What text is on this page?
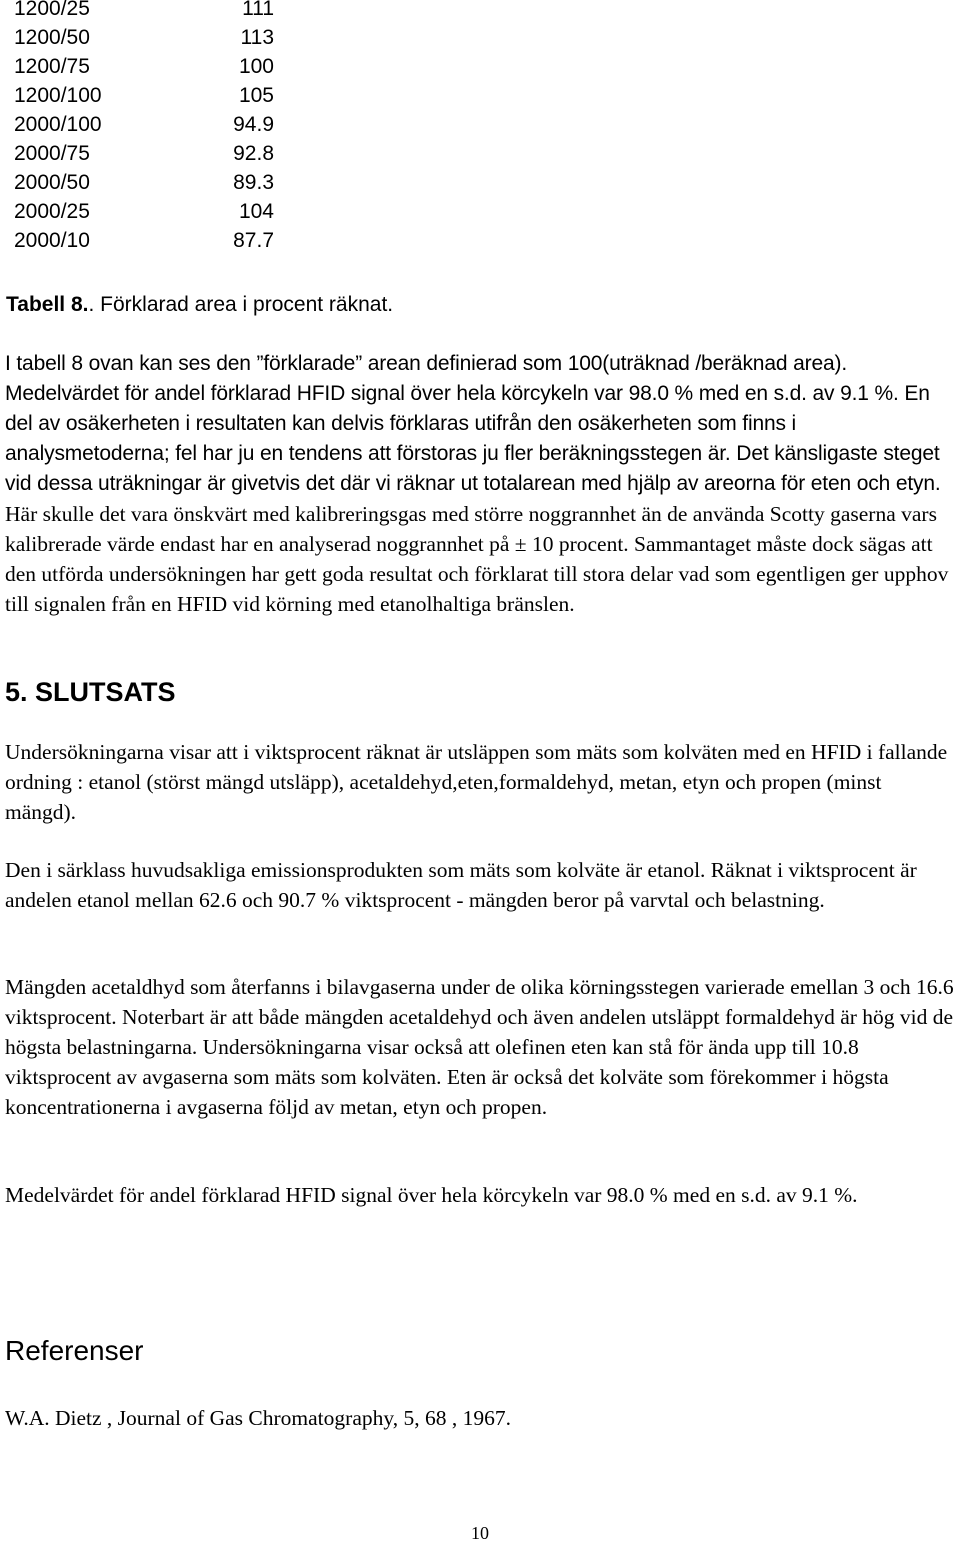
1200/25	111
1200/50	113
1200/75	100
1200/100	105
2000/100	94.9
2000/75	92.8
2000/50	89.3
2000/25	104
2000/10	87.7
Tabell 8.. Förklarad area i procent räknat.

I tabell 8 ovan kan ses den ”förklarade” arean definierad som 100(uträknad /beräknad area). Medelvärdet för andel förklarad HFID signal över hela körcykeln var 98.0 % med en s.d. av 9.1 %. En del av osäkerheten i resultaten kan delvis förklaras utifrån den osäkerheten som finns i analysmetoderna; fel har ju en tendens att förstoras ju fler beräkningsstegen är. Det känsligaste steget vid dessa uträkningar är givetvis det där vi räknar ut totalarean med hjälp av areorna för eten och etyn. Här skulle det vara önskvärt med kalibreringsgas med större noggrannhet än de använda Scotty gaserna vars kalibrerade värde endast har en analyserad noggrannhet på ± 10 procent. Sammantaget måste dock sägas att den utförda undersökningen har gett goda resultat och förklarat till stora delar vad som egentligen ger upphov till signalen från en HFID vid körning med etanolhaltiga bränslen.

5. SLUTSATS

Undersökningarna visar att i viktsprocent räknat är utsläppen som mäts som kolväten med en HFID i fallande ordning : etanol (störst mängd utsläpp), acetaldehyd,eten,formaldehyd, metan, etyn och propen (minst mängd).

Den i särklass huvudsakliga emissionsprodukten som mäts som kolväte är etanol. Räknat i viktsprocent är andelen etanol mellan 62.6 och 90.7 % viktsprocent - mängden beror på varvtal och belastning.

Mängden acetaldhyd som återfanns i bilavgaserna under de olika körningsstegen varierade emellan 3 och 16.6 viktsprocent. Noterbart är att både mängden acetaldehyd och även andelen utsläppt formaldehyd är hög vid de högsta belastningarna. Undersökningarna visar också att olefinen eten kan stå för ända upp till 10.8 viktsprocent av avgaserna som mäts som kolväten. Eten är också det kolväte som förekommer i högsta koncentrationerna i avgaserna följd av metan, etyn och propen.

Medelvärdet för andel förklarad HFID signal över hela körcykeln var 98.0 % med en s.d. av 9.1 %.

Referenser

W.A. Dietz , Journal of Gas Chromatography, 5, 68 , 1967.

10
